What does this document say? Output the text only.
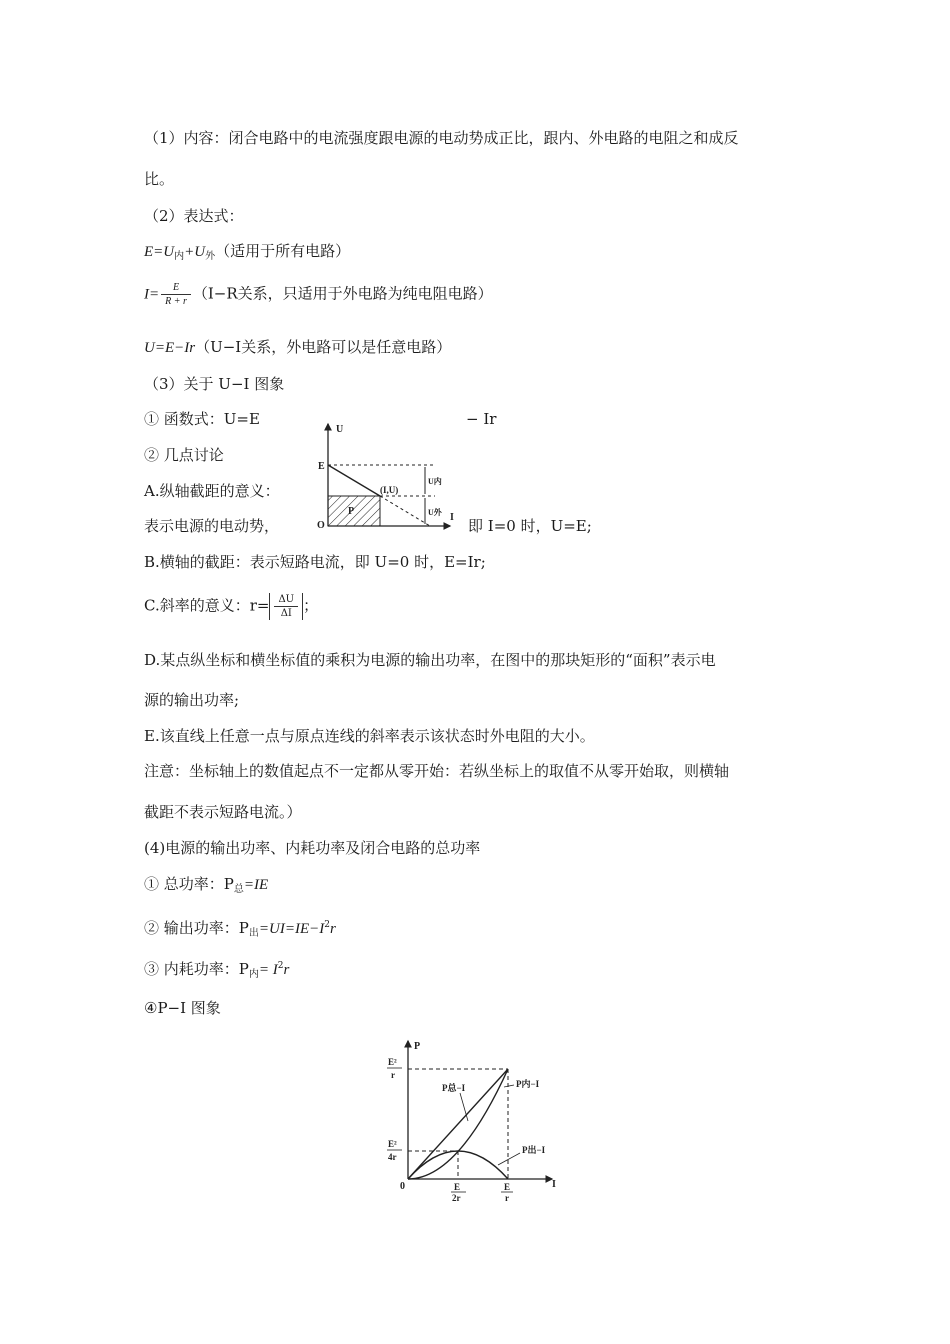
（1）内容：闭合电路中的电流强度跟电源的电动势成正比，跟内、外电路的电阻之和成反
比。
（2）表达式：
$E=U_内+U_外$（适用于所有电路）
$I= \frac{E}{R + r} (I-R$关系，只适用于外电路为纯电阻电路）
U=E−Ir（U−I关系，外电路可以是任意电路）
（3）关于 U−I 图象
① 函数式：U=E	− Ir
② 几点讨论
A.纵轴截距的意义：
表示电源的电动势，	即 I=0 时，U=E;
B.横轴的截距：表示短路电流，即 U=0 时，E=Ir;
C.斜率的意义：$r= \frac{\Delta U}{\Delta I}$ ；
D.某点纵坐标和横坐标值的乘积为电源的输出功率，在图中的那块矩形的“面积”表示电
源的输出功率;
E.该直线上任意一点与原点连线的斜率表示该状态时外电阻的大小。
注意：坐标轴上的数值起点不一定都从零开始：若纵坐标上的取值不从零开始取，则横轴
截距不表示短路电流。）
(4)电源的输出功率、内耗功率及闭合电路的总功率
① 总功率：$P_总=IE$
② 输出功率：$P_出=UI=IE-I^2r$
③ 内耗功率：$P_内= I^2r$
④P−I 图象
U
I
E
O
(I,U)
P
U内
U外
P
I
0
E²
r
E²
4r
E
2r
E
r
P总−I	P内−I
P出−I
